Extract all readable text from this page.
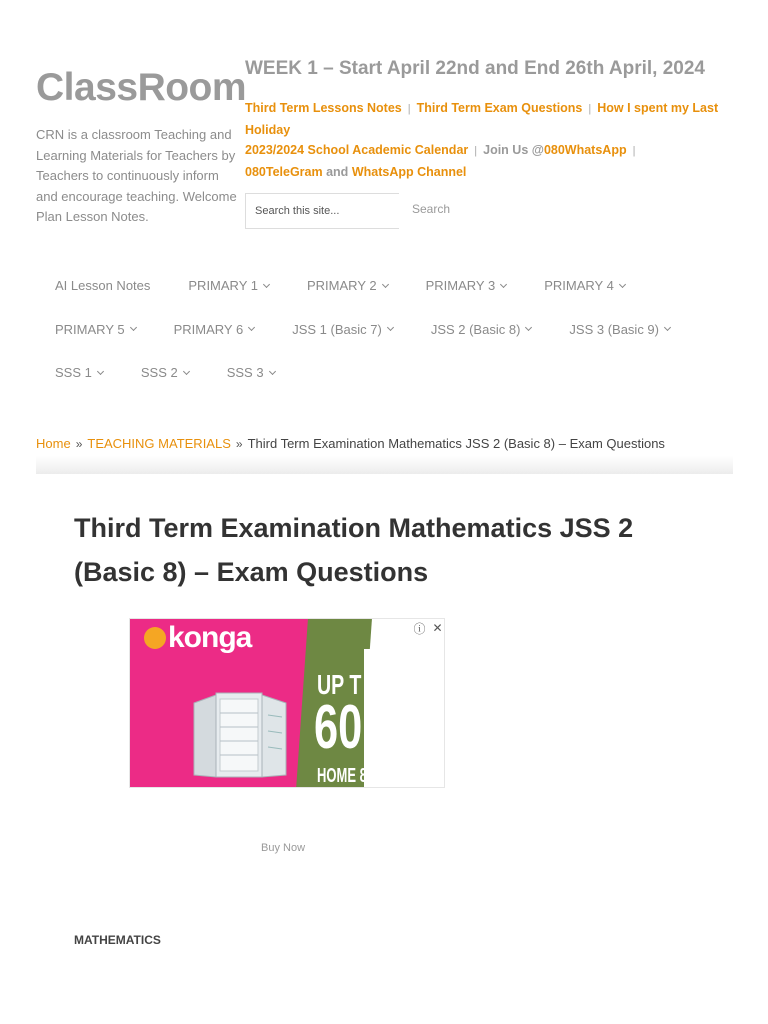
ClassRoom
CRN is a classroom Teaching and Learning Materials for Teachers by Teachers to continuously inform and encourage teaching. Welcome Plan Lesson Notes.
WEEK 1 – Start April 22nd and End 26th April, 2024
Third Term Lessons Notes | Third Term Exam Questions | How I spent my Last Holiday
2023/2024 School Academic Calendar | Join Us @080WhatsApp |
080TeleGram and WhatsApp Channel
Search this site...
Search
AI Lesson Notes	PRIMARY 1	PRIMARY 2	PRIMARY 3	PRIMARY 4
PRIMARY 5	PRIMARY 6	JSS 1 (Basic 7)	JSS 2 (Basic 8)	JSS 3 (Basic 9)
SSS 1	SSS 2	SSS 3
Home » TEACHING MATERIALS » Third Term Examination Mathematics JSS 2 (Basic 8) – Exam Questions
Third Term Examination Mathematics JSS 2 (Basic 8) – Exam Questions
konga
UP T
60
HOME 8
ⓘ ✕
Buy Now
MATHEMATICS
